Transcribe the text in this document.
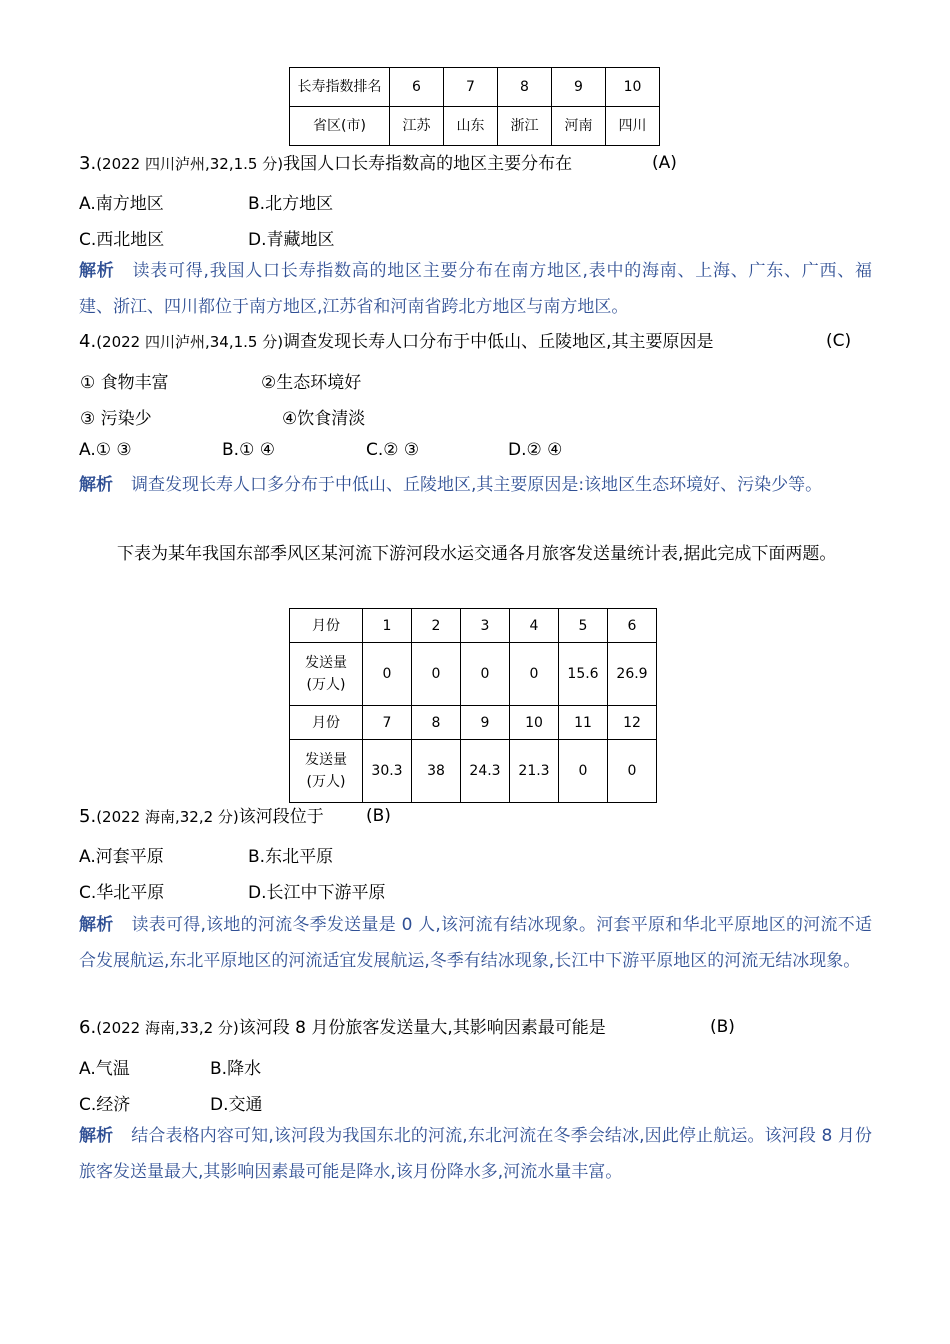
长寿指数排名	6	7	8	9	10
省区(市)	江苏	山东	浙江	河南	四川
3.(2022 四川泸州,32,1.5 分)我国人口长寿指数高的地区主要分布在	(A)
A.南方地区	B.北方地区
C.西北地区	D.青藏地区
解析 读表可得,我国人口长寿指数高的地区主要分布在南方地区,表中的海南、上海、广东、广西、福建、浙江、四川都位于南方地区,江苏省和河南省跨北方地区与南方地区。
4.(2022 四川泸州,34,1.5 分)调查发现长寿人口分布于中低山、丘陵地区,其主要原因是	(C)
① 食物丰富	②生态环境好
③ 污染少	④饮食清淡
A.① ③	B.① ④	C.② ③	D.② ④
解析 调查发现长寿人口多分布于中低山、丘陵地区,其主要原因是:该地区生态环境好、污染少等。
下表为某年我国东部季风区某河流下游河段水运交通各月旅客发送量统计表,据此完成下面两题。
月份	1	2	3	4	5	6
发送量
(万人)	0	0	0	0	15.6	26.9
月份	7	8	9	10	11	12
发送量
(万人)	30.3	38	24.3	21.3	0	0
5.(2022 海南,32,2 分)该河段位于	(B)
A.河套平原	B.东北平原
C.华北平原	D.长江中下游平原
解析 读表可得,该地的河流冬季发送量是 0 人,该河流有结冰现象。河套平原和华北平原地区的河流不适合发展航运,东北平原地区的河流适宜发展航运,冬季有结冰现象,长江中下游平原地区的河流无结冰现象。
6.(2022 海南,33,2 分)该河段 8 月份旅客发送量大,其影响因素最可能是	(B)
A.气温	B.降水
C.经济	D.交通
解析 结合表格内容可知,该河段为我国东北的河流,东北河流在冬季会结冰,因此停止航运。该河段 8 月份旅客发送量最大,其影响因素最可能是降水,该月份降水多,河流水量丰富。
